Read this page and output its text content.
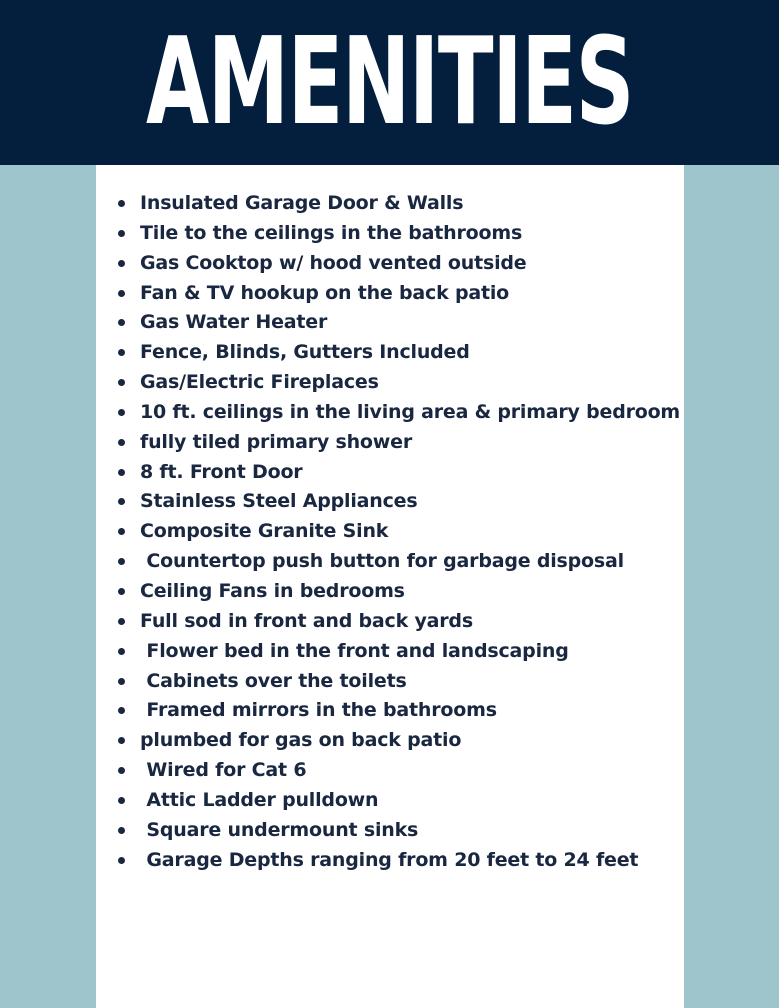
AMENITIES
Insulated Garage Door & Walls
Tile to the ceilings in the bathrooms
Gas Cooktop w/ hood vented outside
Fan & TV hookup on the back patio
Gas Water Heater
Fence, Blinds, Gutters Included
Gas/Electric Fireplaces
10 ft. ceilings in the living area & primary bedroom
fully tiled primary shower
8 ft. Front Door
Stainless Steel Appliances
Composite Granite Sink
Countertop push button for garbage disposal
Ceiling Fans in bedrooms
Full sod in front and back yards
Flower bed in the front and landscaping
Cabinets over the toilets
Framed mirrors in the bathrooms
plumbed for gas on back patio
Wired for Cat 6
Attic Ladder pulldown
Square undermount sinks
Garage Depths ranging from 20 feet to 24 feet
